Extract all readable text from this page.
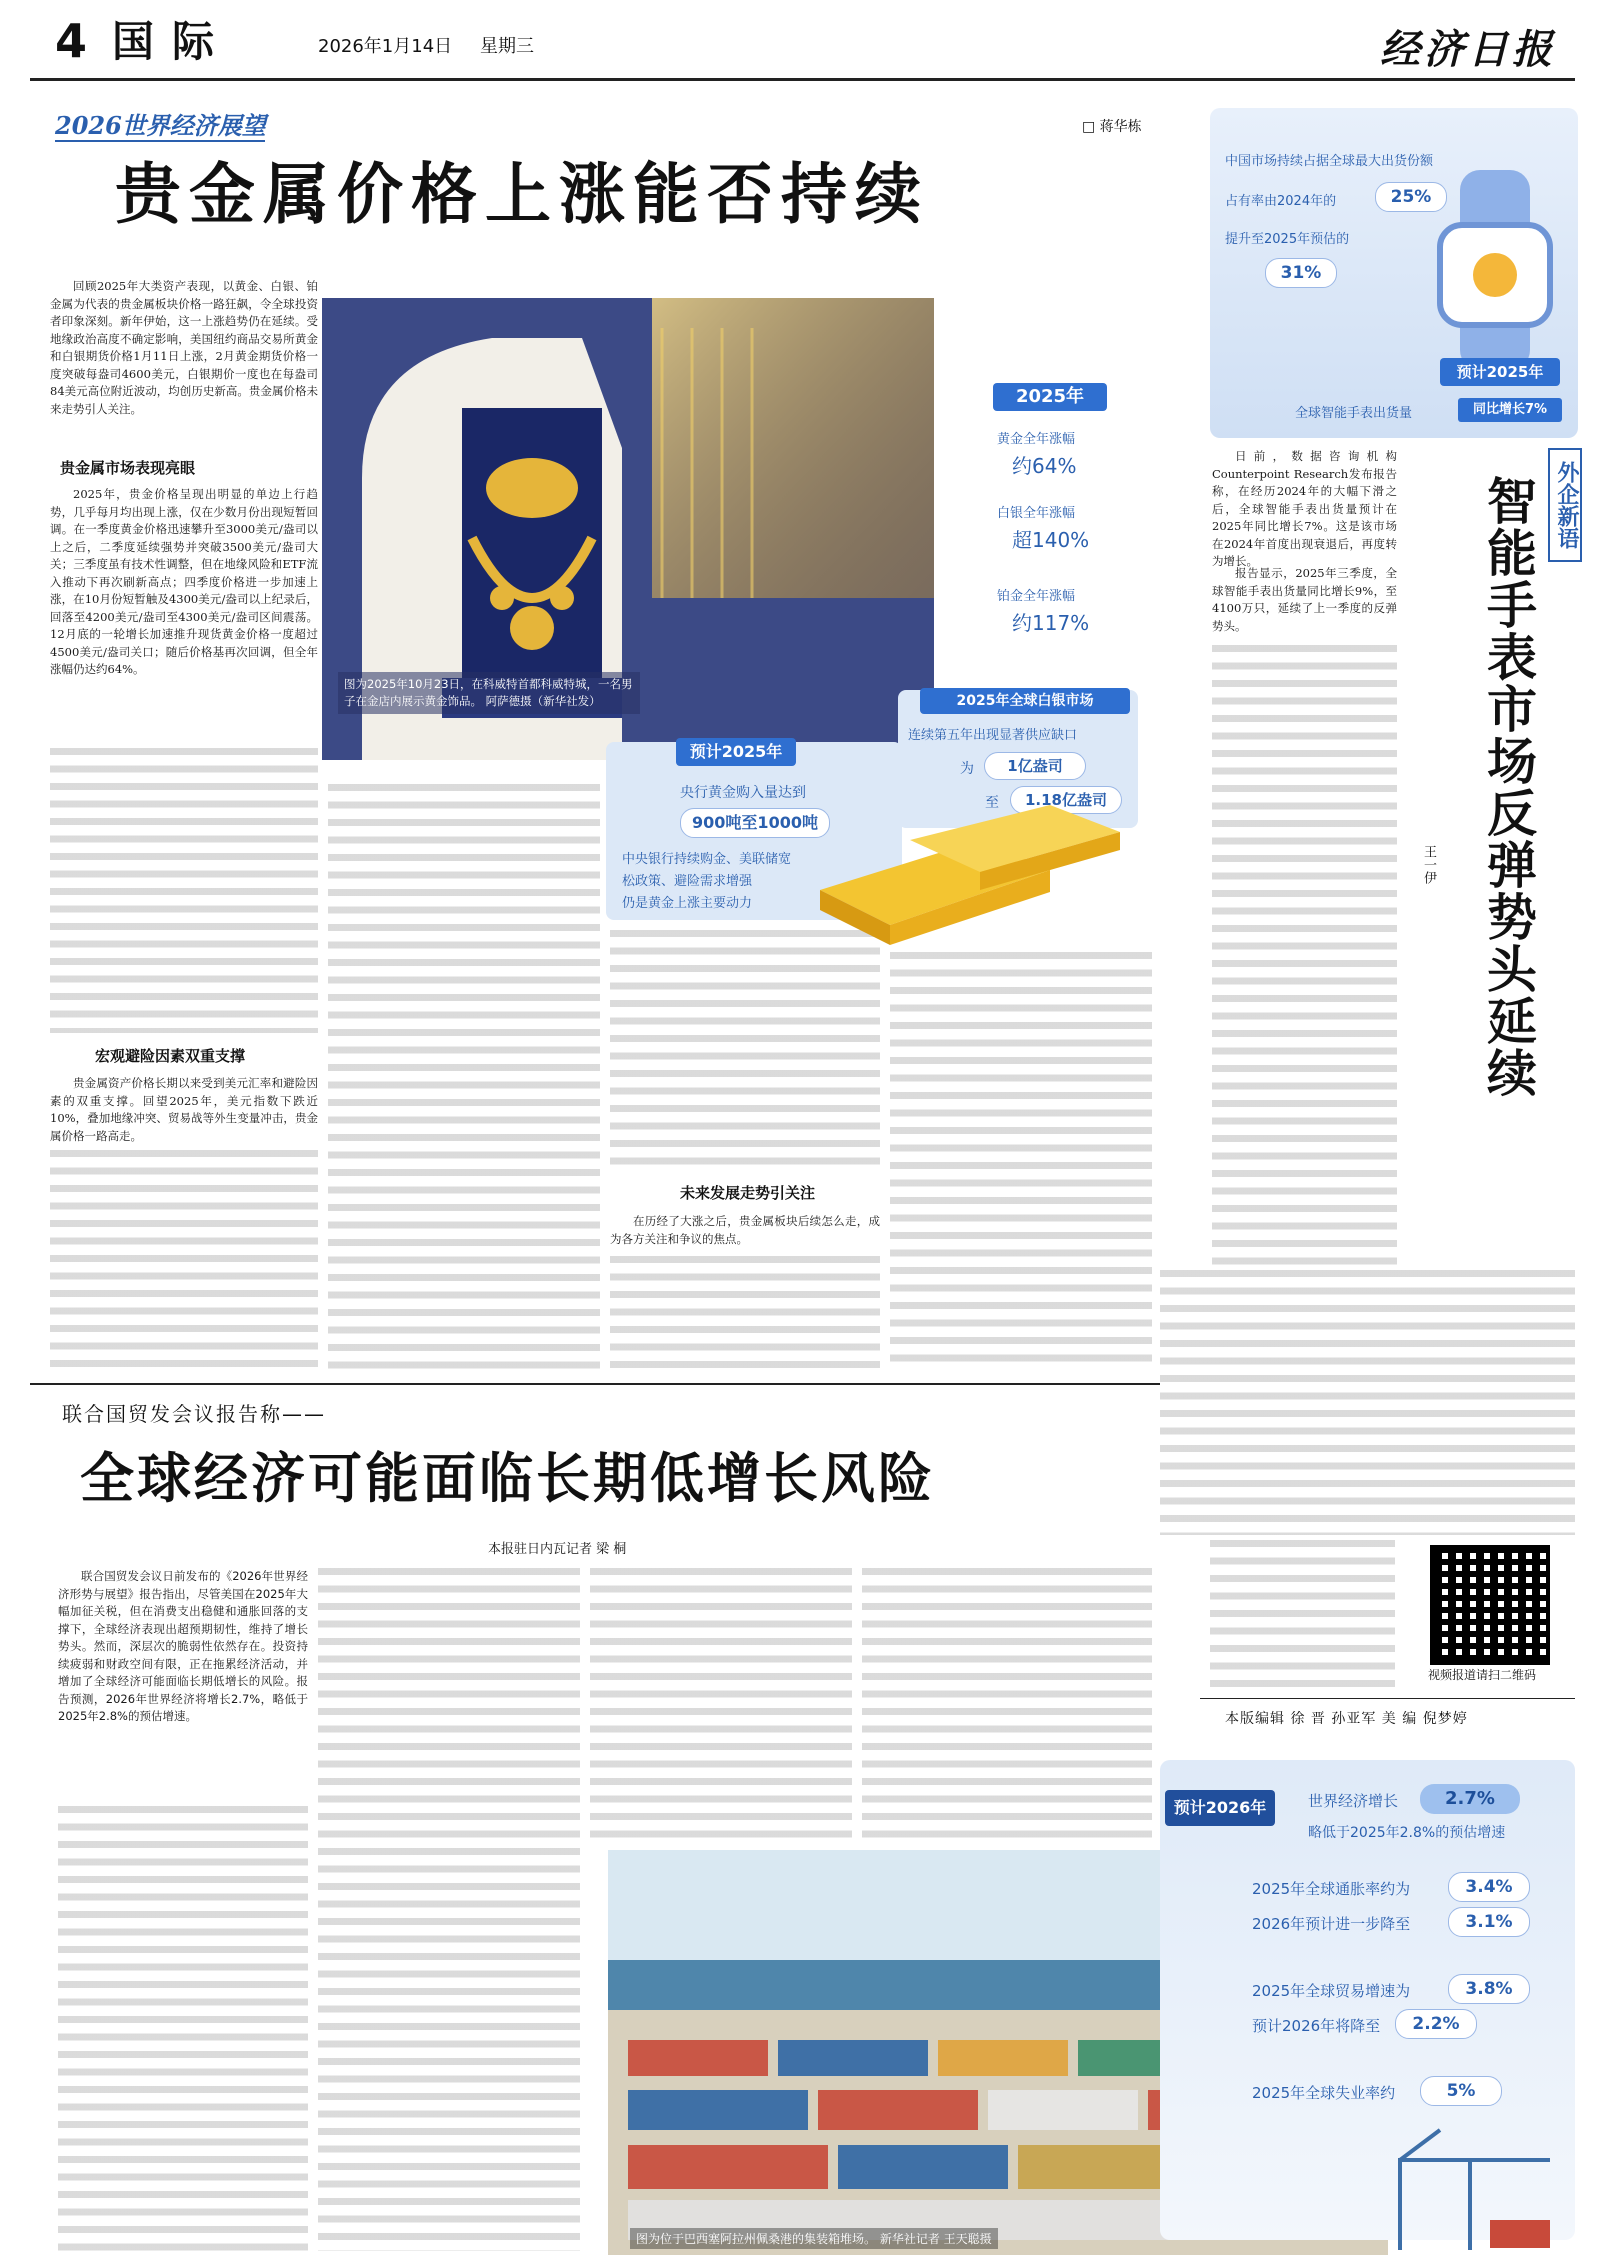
4 国际	2026年1月14日 星期三	经济日报
2026世界经济展望	□ 蒋华栋
贵金属价格上涨能否持续

回顾2025年大类资产表现，以黄金、白银、铂金属为代表的贵金属板块价格一路狂飙，令全球投资者印象深刻。新年伊始，这一上涨趋势仍在延续。受地缘政治高度不确定影响，美国纽约商品交易所黄金和白银期货价格1月11日上涨，2月黄金期货价格一度突破每盎司4600美元，白银期价一度也在每盎司84美元高位附近波动，均创历史新高。贵金属价格未来走势引人关注。

贵金属市场表现亮眼

2025年，贵金价格呈现出明显的单边上行趋势，几乎每月均出现上涨，仅在少数月份出现短暂回调。在一季度黄金价格迅速攀升至3000美元/盎司以上之后，二季度延续强势并突破3500美元/盎司大关；三季度虽有技术性调整，但在地缘风险和ETF流入推动下再次刷新高点；四季度价格进一步加速上涨，在10月份短暂触及4300美元/盎司以上纪录后，回落至4200美元/盎司至4300美元/盎司区间震荡。12月底的一轮增长加速推升现货黄金价格一度超过4500美元/盎司关口；随后价格基再次回调，但全年涨幅仍达约64%。

宏观避险因素双重支撑

贵金属资产价格长期以来受到美元汇率和避险因素的双重支撑。回望2025年，美元指数下跌近10%，叠加地缘冲突、贸易战等外生变量冲击，贵金属价格一路高走。

未来发展走势引关注

在历经了大涨之后，贵金属板块后续怎么走，成为各方关注和争议的焦点。

图为2025年10月23日，在科威特首都科威特城，一名男子在金店内展示黄金饰品。 阿萨德摄（新华社发）
2025年
黄金全年涨幅
约64%
白银全年涨幅
超140%
铂金全年涨幅
约117%
2025年全球白银市场
连续第五年出现显著供应缺口
为	1亿盎司
至	1.18亿盎司
预计2025年
央行黄金购入量达到
900吨至1000吨
中央银行持续购金、美联储宽
松政策、避险需求增强
仍是黄金上涨主要动力
中国市场持续占据全球最大出货份额
占有率由2024年的	25%
提升至2025年预估的
31%
预计2025年
全球智能手表出货量	同比增长7%

日前，数据咨询机构Counterpoint Research发布报告称，在经历2024年的大幅下滑之后，全球智能手表出货量预计在2025年同比增长7%。这是该市场在2024年首度出现衰退后，再度转为增长。

报告显示，2025年三季度，全球智能手表出货量同比增长9%，至4100万只，延续了上一季度的反弹势头。

外企新语
智能手表市场反弹势头延续
王一伊
视频报道请扫二维码
本版编辑 徐 晋 孙亚军 美 编 倪梦婷
联合国贸发会议报告称——
全球经济可能面临长期低增长风险
本报驻日内瓦记者 梁 桐

联合国贸发会议日前发布的《2026年世界经济形势与展望》报告指出，尽管美国在2025年大幅加征关税，但在消费支出稳健和通胀回落的支撑下，全球经济表现出超预期韧性，维持了增长势头。然而，深层次的脆弱性依然存在。投资持续疲弱和财政空间有限，正在拖累经济活动，并增加了全球经济可能面临长期低增长的风险。报告预测，2026年世界经济将增长2.7%，略低于2025年2.8%的预估增速。

图为位于巴西塞阿拉州佩桑港的集装箱堆场。 新华社记者 王天聪摄
预计2026年	世界经济增长	2.7%
略低于2025年2.8%的预估增速
2025年全球通胀率约为	3.4%
2026年预计进一步降至	3.1%
2025年全球贸易增速为	3.8%
预计2026年将降至	2.2%
2025年全球失业率约	5%
